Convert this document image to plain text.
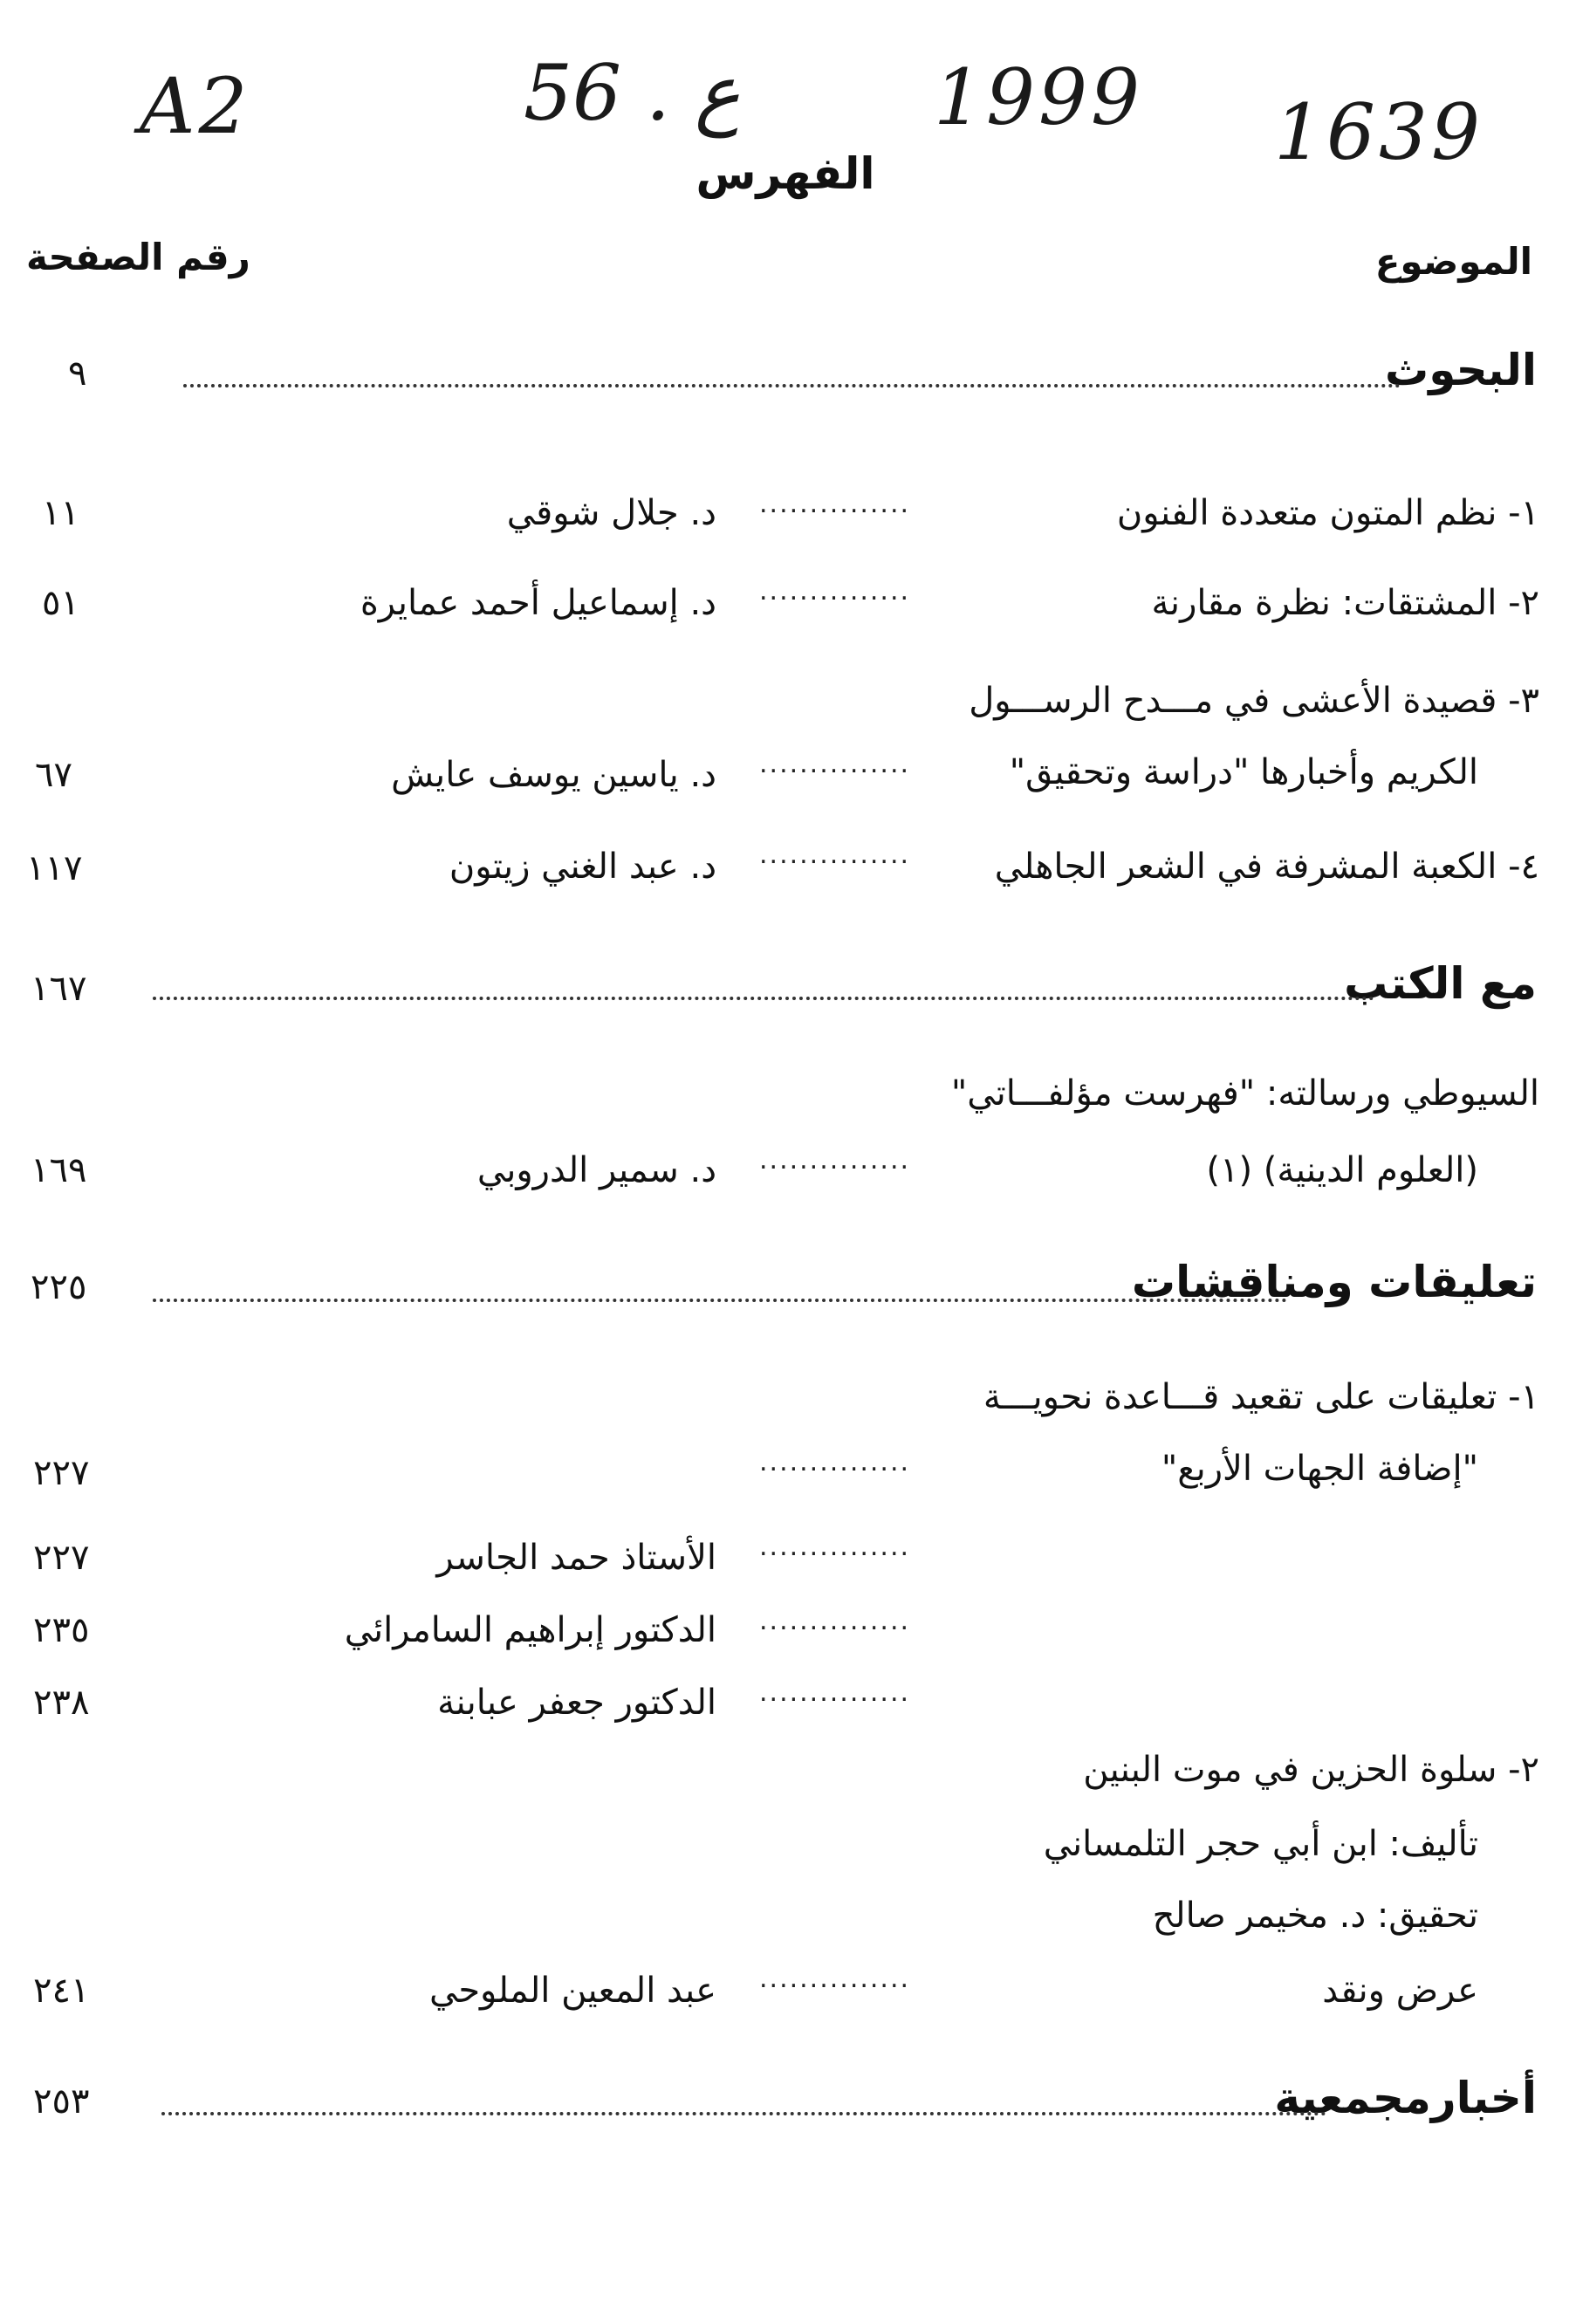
A2	56 . ع	1999 1639
الفهرس
الموضوع
رقم الصفحة
البحوث
٩
١- نظم المتون متعددة الفنون
...............
د. جلال شوقي
١١
٢- المشتقات: نظرة مقارنة
...............
د. إسماعيل أحمد عمايرة
٥١
٣- قصيدة الأعشى في مـــدح الرســـول
الكريم وأخبارها "دراسة وتحقيق"
...............
د. ياسين يوسف عايش
٦٧
٤- الكعبة المشرفة في الشعر الجاهلي
...............
د. عبد الغني زيتون
١١٧
مع الكتب
١٦٧
السيوطي ورسالته: "فهرست مؤلفـــاتي"
(العلوم الدينية) (١)
...............
د. سمير الدروبي
١٦٩
تعليقات ومناقشات
٢٢٥
١- تعليقات على تقعيد قـــاعدة نحويـــة
"إضافة الجهات الأربع"
...............
٢٢٧
...............
الأستاذ حمد الجاسر
٢٢٧
...............
الدكتور إبراهيم السامرائي
٢٣٥
...............
الدكتور جعفر عبابنة
٢٣٨
٢- سلوة الحزين في موت البنين
تأليف: ابن أبي حجر التلمساني
تحقيق: د. مخيمر صالح
عرض ونقد
...............
عبد المعين الملوحي
٢٤١
أخبارمجمعية
٢٥٣
